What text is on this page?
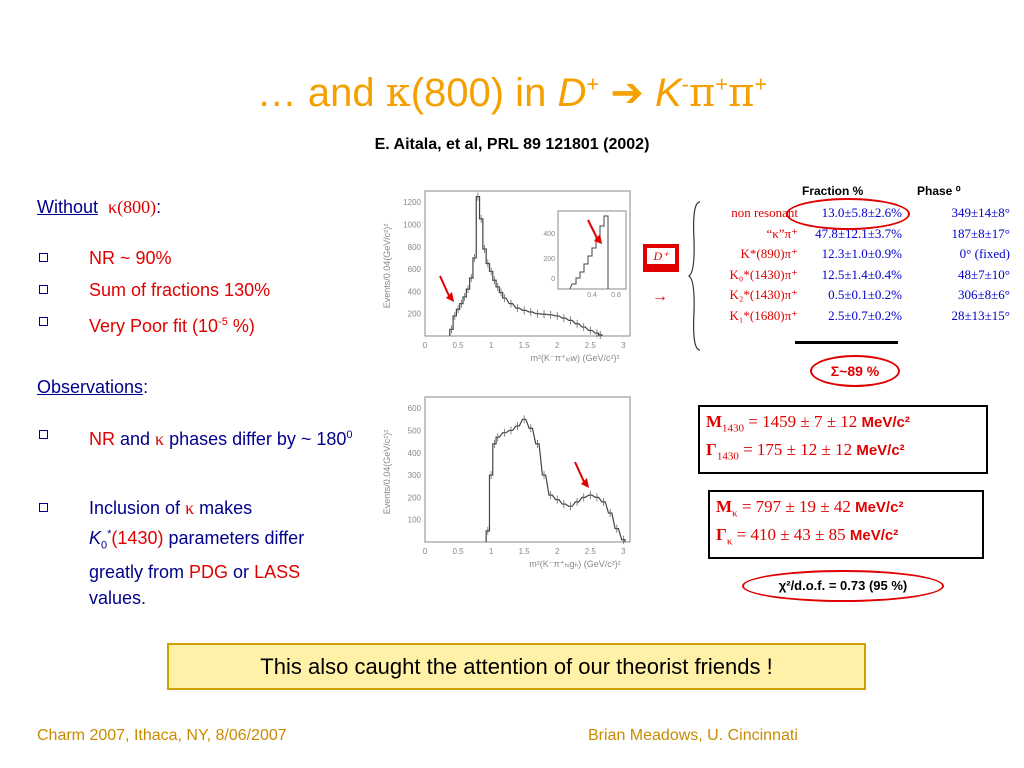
… and κ(800) in D+ ➔ K-π+π+
E. Aitala, et al, PRL 89 121801 (2002)
Without κ(800):
NR ~ 90%
Sum of fractions 130%
Very Poor fit ($10^{-5}$ %)
Observations:
NR and κ phases differ by ~ $180^0$
Inclusion of κ makes
$K_0^*(1430)$ parameters differ
greatly from PDG or LASS
values.
Events/0.04(GeV/c²)²
m²(K⁻π⁺ₗₒw) (GeV/c²)²
0	0.5	1	1.5	2	2.5	3
200
400
600
800
1000
1200
0
200
400
0.4 0.6
Events/0.04(GeV/c²)²
m²(K⁻π⁺ₕᵢgₕ) (GeV/c²)²
0	0.5	1	1.5	2	2.5	3
100
200
300
400
500
600
Fraction %	Phase ⁰
D⁺
→
non resonant 13.0±5.8±2.6%	349±14±8°
“κ”π⁺ 47.8±12.1±3.7%	187±8±17°
K*(890)π⁺ 12.3±1.0±0.9%	0° (fixed)
K₀*(1430)π⁺ 12.5±1.4±0.4%	48±7±10°
K₂*(1430)π⁺ 0.5±0.1±0.2%	306±8±6°
K₁*(1680)π⁺ 2.5±0.7±0.2%	28±13±15°
Σ~89 %
$M_{1430} = 1459 \pm 7 \pm 12$ MeV/c²
$\Gamma_{1430} = 175 \pm 12 \pm 12$ MeV/c²
$M_\kappa = 797 \pm 19 \pm 42$ MeV/c²
$\Gamma_\kappa = 410 \pm 43 \pm 85$ MeV/c²
χ²/d.o.f. = 0.73 (95 %)
This also caught the attention of our theorist friends !
Charm 2007, Ithaca, NY, 8/06/2007	Brian Meadows, U. Cincinnati
